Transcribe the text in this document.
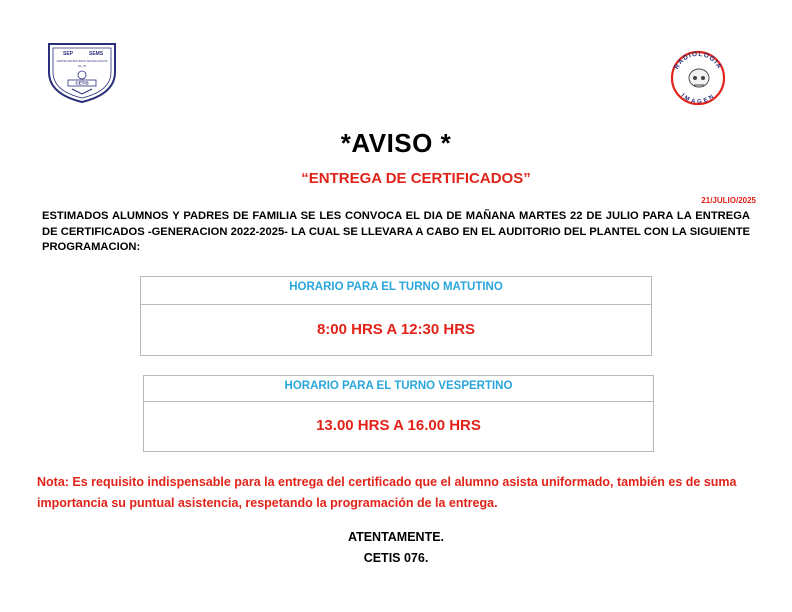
SEP	SEMS
CENTRO DE ESTUDIOS TECNOLOGICOS
No. 76
CETIS
RADIOLOGIA
IMAGEN
*AVISO *
“ENTREGA DE CERTIFICADOS”
21/JULIO/2025
ESTIMADOS ALUMNOS Y PADRES DE FAMILIA SE LES CONVOCA EL DIA DE MAÑANA MARTES 22 DE JULIO PARA LA ENTREGA DE CERTIFICADOS -GENERACION 2022-2025- LA CUAL SE LLEVARA A CABO EN EL AUDITORIO DEL PLANTEL CON LA SIGUIENTE PROGRAMACION:
HORARIO PARA EL TURNO MATUTINO
8:00 HRS A 12:30 HRS
HORARIO PARA EL TURNO VESPERTINO
13.00 HRS A 16.00 HRS
Nota: Es requisito indispensable para la entrega del certificado que el alumno asista uniformado, también es de suma importancia su puntual asistencia, respetando la programación de la entrega.
ATENTAMENTE.
CETIS 076.
